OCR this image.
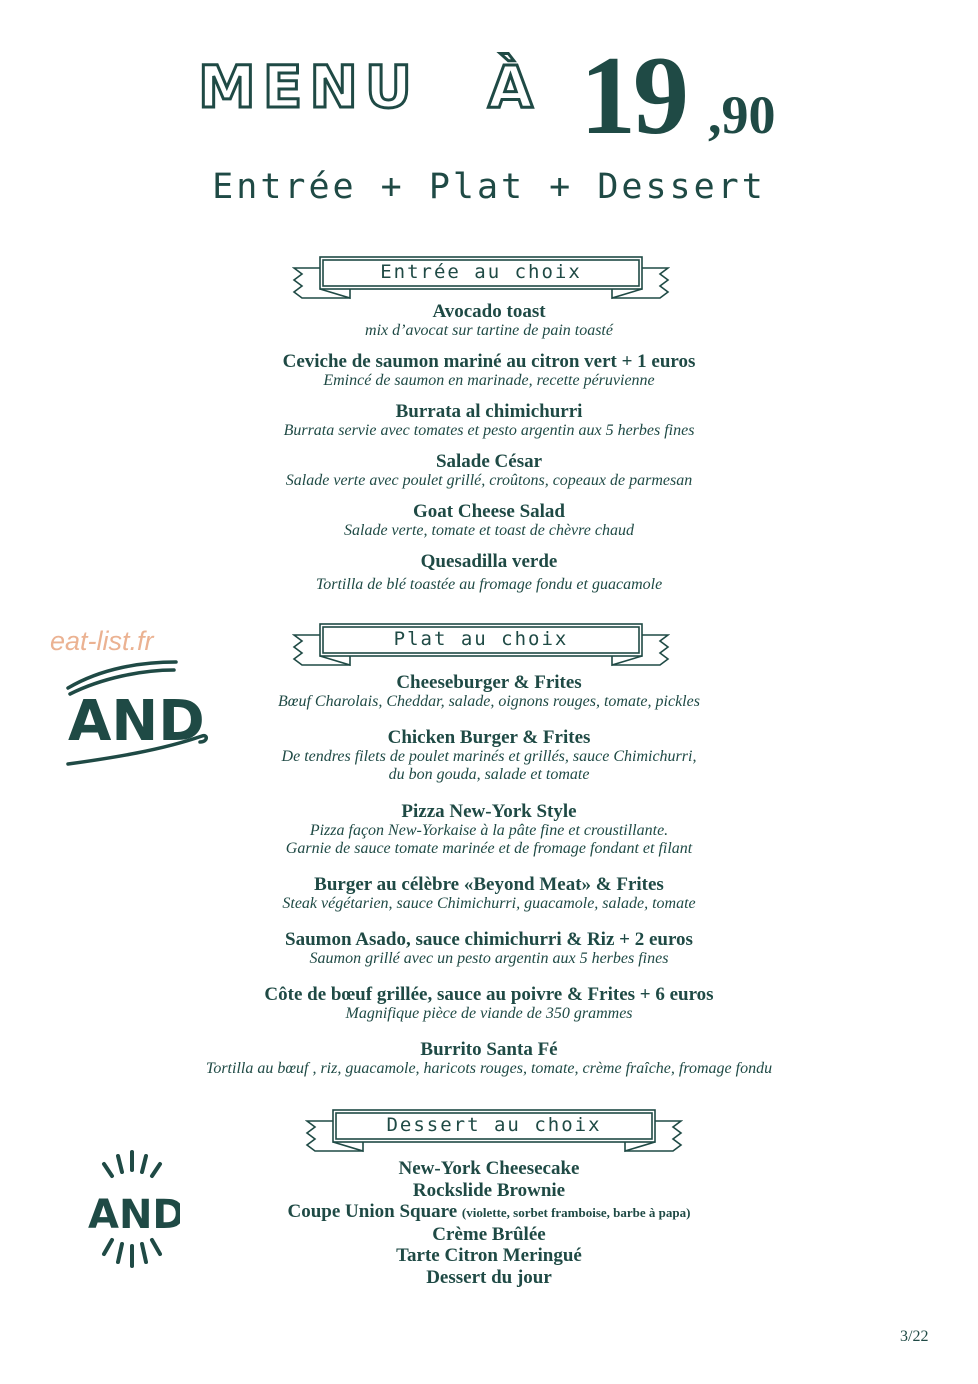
MENU À 19 ,90
Entrée + Plat + Dessert
Entrée au choix
Avocado toast
mix d’avocat sur tartine de pain toasté
Ceviche de saumon mariné au citron vert + 1 euros
Emincé de saumon en marinade, recette péruvienne
Burrata al chimichurri
Burrata servie avec tomates et pesto argentin aux 5 herbes fines
Salade César
Salade verte avec poulet grillé, croûtons, copeaux de parmesan
Goat Cheese Salad
Salade verte, tomate et toast de chèvre chaud
Quesadilla verde
Tortilla de blé toastée au fromage fondu et guacamole
Plat au choix
eat-list.fr
AND
Cheeseburger & Frites
Bœuf Charolais, Cheddar, salade, oignons rouges, tomate, pickles
Chicken Burger & Frites
De tendres filets de poulet marinés et grillés, sauce Chimichurri,
du bon gouda, salade et tomate
Pizza New-York Style
Pizza façon New-Yorkaise à la pâte fine et croustillante.
Garnie de sauce tomate marinée et de fromage fondant et filant
Burger au célèbre «Beyond Meat» & Frites
Steak végétarien, sauce Chimichurri, guacamole, salade, tomate
Saumon Asado, sauce chimichurri & Riz + 2 euros
Saumon grillé avec un pesto argentin aux 5 herbes fines
Côte de bœuf grillée, sauce au poivre & Frites + 6 euros
Magnifique pièce de viande de 350 grammes
Burrito Santa Fé
Tortilla au bœuf , riz, guacamole, haricots rouges, tomate, crème fraîche, fromage fondu
Dessert au choix
AND
New-York Cheesecake
Rockslide Brownie
Coupe Union Square (violette, sorbet framboise, barbe à papa)
Crème Brûlée
Tarte Citron Meringué
Dessert du jour
3/22
